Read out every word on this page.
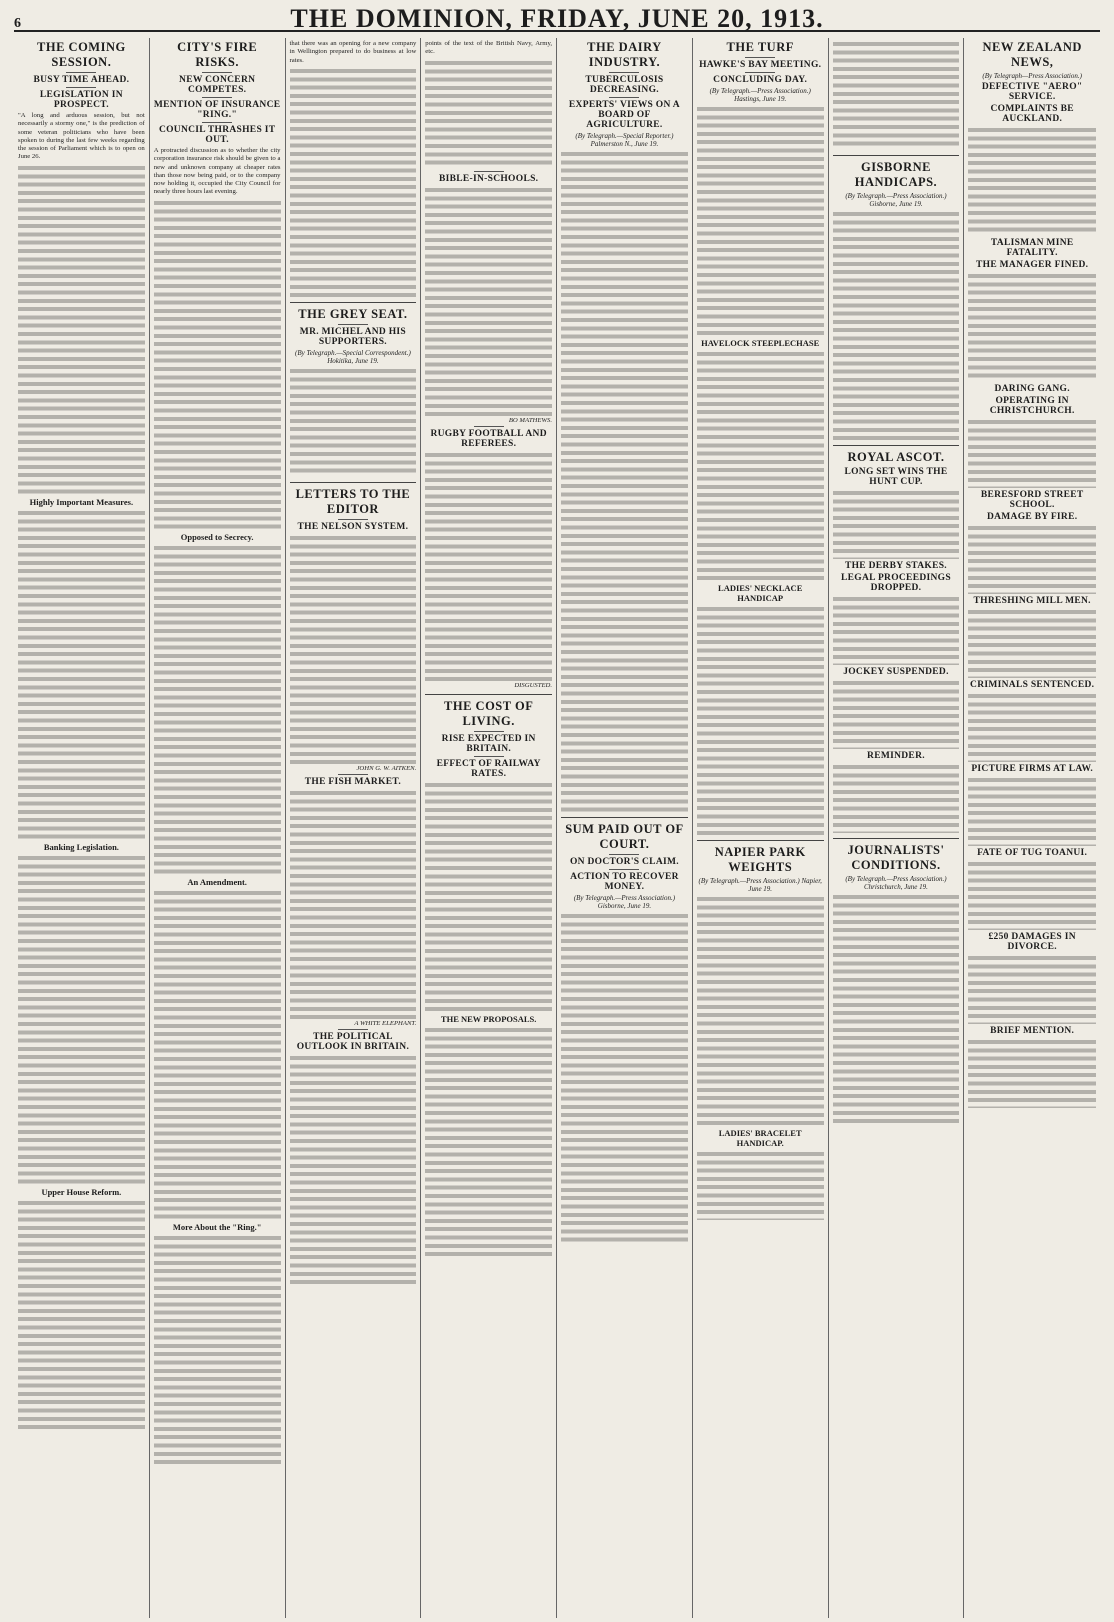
6	THE DOMINION, FRIDAY, JUNE 20, 1913.
THE COMING SESSION.
BUSY TIME AHEAD.
LEGISLATION IN PROSPECT.

"A long and arduous session, but not necessarily a stormy one," is the prediction of some veteran politicians who have been spoken to during the last few weeks regarding the session of Parliament which is to open on June 26.

Highly Important Measures.
Banking Legislation.
Upper House Reform.
CITY'S FIRE RISKS.
NEW CONCERN COMPETES.
MENTION OF INSURANCE "RING."
COUNCIL THRASHES IT OUT.

A protracted discussion as to whether the city corporation insurance risk should be given to a new and unknown company at cheaper rates than those now being paid, or to the company now holding it, occupied the City Council for nearly three hours last evening.

Opposed to Secrecy.
An Amendment.
More About the "Ring."

that there was an opening for a new company in Wellington prepared to do business at low rates.

THE GREY SEAT.
MR. MICHEL AND HIS SUPPORTERS.
(By Telegraph.—Special Correspondent.) Hokitika, June 19.
LETTERS TO THE EDITOR
THE NELSON SYSTEM.
JOHN G. W. AITKEN.
THE FISH MARKET.
A WHITE ELEPHANT.
THE POLITICAL OUTLOOK IN BRITAIN.

points of the text of the British Navy, Army, etc.

BIBLE-IN-SCHOOLS.
BO MATHEWS.
RUGBY FOOTBALL AND REFEREES.
DISGUSTED.
THE COST OF LIVING.
RISE EXPECTED IN BRITAIN.
EFFECT OF RAILWAY RATES.
THE NEW PROPOSALS.
THE DAIRY INDUSTRY.
TUBERCULOSIS DECREASING.
EXPERTS' VIEWS ON A BOARD OF AGRICULTURE.
(By Telegraph.—Special Reporter.) Palmerston N., June 19.
SUM PAID OUT OF COURT.
ON DOCTOR'S CLAIM.
ACTION TO RECOVER MONEY.
(By Telegraph.—Press Association.) Gisborne, June 19.
THE TURF
HAWKE'S BAY MEETING.
CONCLUDING DAY.
(By Telegraph.—Press Association.) Hastings, June 19.
HAVELOCK STEEPLECHASE
LADIES' NECKLACE HANDICAP
NAPIER PARK WEIGHTS
(By Telegraph.—Press Association.) Napier, June 19.
LADIES' BRACELET HANDICAP.
GISBORNE HANDICAPS.
(By Telegraph.—Press Association.) Gisborne, June 19.
ROYAL ASCOT.
LONG SET WINS THE HUNT CUP.
THE DERBY STAKES.
LEGAL PROCEEDINGS DROPPED.
JOCKEY SUSPENDED.
REMINDER.
JOURNALISTS' CONDITIONS.
(By Telegraph.—Press Association.) Christchurch, June 19.
NEW ZEALAND NEWS,
(By Telegraph—Press Association.)
DEFECTIVE "AERO" SERVICE.
COMPLAINTS BE AUCKLAND.
TALISMAN MINE FATALITY.
THE MANAGER FINED.
DARING GANG.
OPERATING IN CHRISTCHURCH.
BERESFORD STREET SCHOOL.
DAMAGE BY FIRE.
THRESHING MILL MEN.
CRIMINALS SENTENCED.
PICTURE FIRMS AT LAW.
FATE OF TUG TOANUI.
£250 DAMAGES IN DIVORCE.
BRIEF MENTION.
